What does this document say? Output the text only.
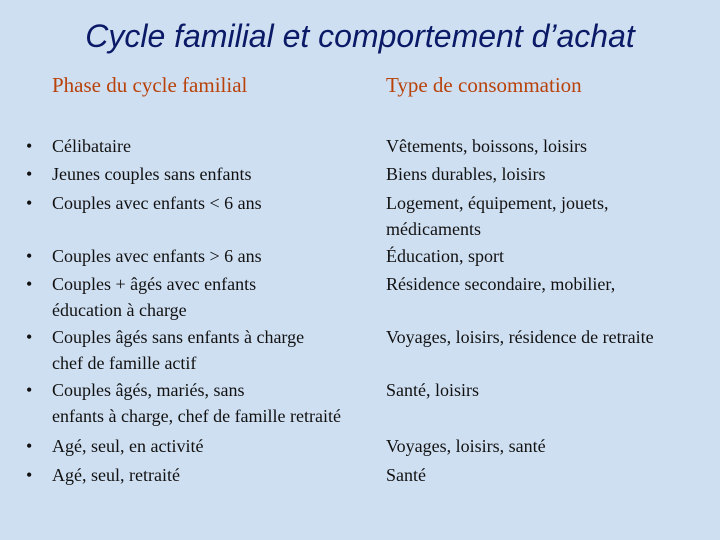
Cycle familial et comportement d’achat
Phase du cycle familial	Type de consommation
• Célibataire
• Jeunes couples sans enfants
• Couples avec enfants < 6 ans
• Couples avec enfants > 6 ans
• Couples + âgés avec enfants
éducation à charge
• Couples âgés sans enfants à charge
chef de famille actif
• Couples âgés, mariés, sans
enfants à charge, chef de famille retraité
• Agé, seul, en activité
• Agé, seul, retraité
Vêtements, boissons, loisirs
Biens durables, loisirs
Logement, équipement, jouets,
médicaments
Éducation, sport
Résidence secondaire, mobilier,
Voyages, loisirs, résidence de retraite
Santé, loisirs
Voyages, loisirs, santé
Santé
